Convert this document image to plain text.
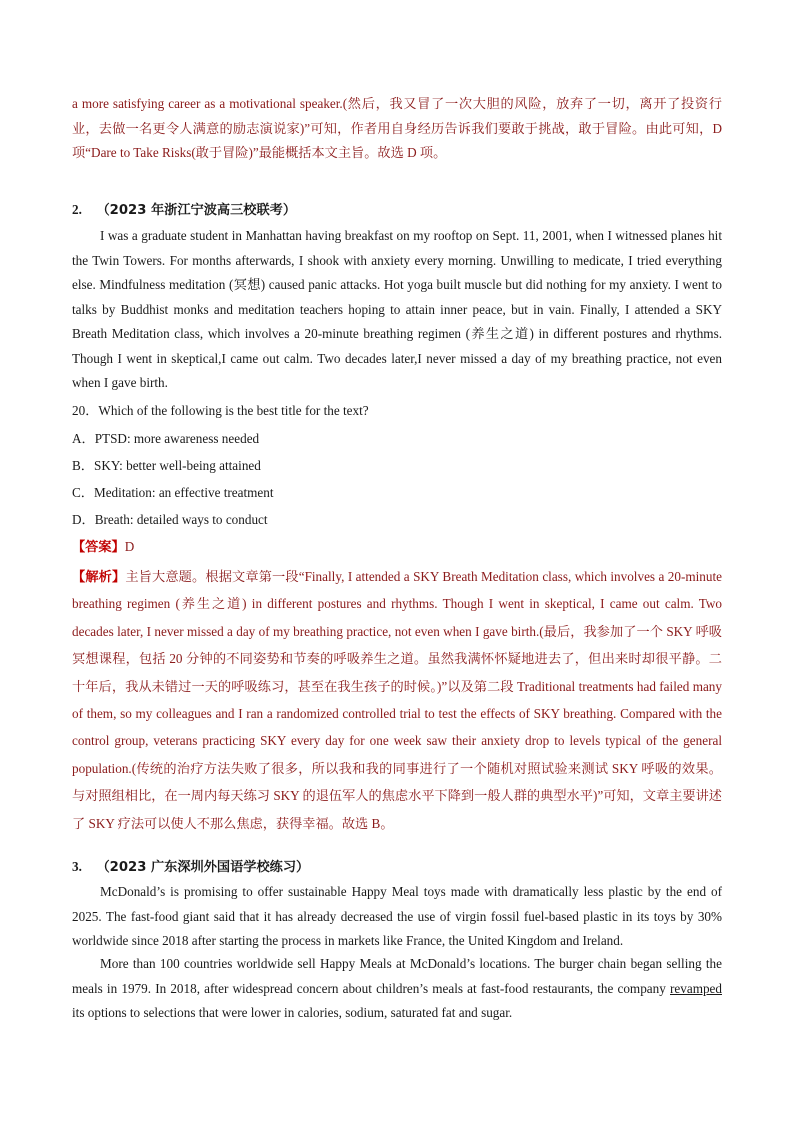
a more satisfying career as a motivational speaker.(然后，我又冒了一次大胆的风险，放弃了一切，离开了投资行业，去做一名更令人满意的励志演说家)”可知，作者用自身经历告诉我们要敢于挑战，敢于冒险。由此可知，D 项“Dare to Take Risks(敢于冒险)”最能概括本文主旨。故选 D 项。

2. （2023 年浙江宁波高三校联考）

I was a graduate student in Manhattan having breakfast on my rooftop on Sept. 11, 2001, when I witnessed planes hit the Twin Towers. For months afterwards, I shook with anxiety every morning. Unwilling to medicate, I tried everything else. Mindfulness meditation (冥想) caused panic attacks. Hot yoga built muscle but did nothing for my anxiety. I went to talks by Buddhist monks and meditation teachers hoping to attain inner peace, but in vain. Finally, I attended a SKY Breath Meditation class, which involves a 20-minute breathing regimen (养生之道) in different postures and rhythms. Though I went in skeptical,I came out calm. Two decades later,I never missed a day of my breathing practice, not even when I gave birth.

20．Which of the following is the best title for the text?
A．PTSD: more awareness needed
B．SKY: better well-being attained
C．Meditation: an effective treatment
D．Breath: detailed ways to conduct
【答案】D

【解析】主旨大意题。根据文章第一段“Finally, I attended a SKY Breath Meditation class, which involves a 20-minute breathing regimen (养生之道) in different postures and rhythms. Though I went in skeptical, I came out calm. Two decades later, I never missed a day of my breathing practice, not even when I gave birth.(最后，我参加了一个 SKY 呼吸冥想课程，包括 20 分钟的不同姿势和节奏的呼吸养生之道。虽然我满怀怀疑地进去了，但出来时却很平静。二十年后，我从未错过一天的呼吸练习，甚至在我生孩子的时候。)”以及第二段 Traditional treatments had failed many of them, so my colleagues and I ran a randomized controlled trial to test the effects of SKY breathing. Compared with the control group, veterans practicing SKY every day for one week saw their anxiety drop to levels typical of the general population.(传统的治疗方法失败了很多，所以我和我的同事进行了一个随机对照试验来测试 SKY 呼吸的效果。与对照组相比，在一周内每天练习 SKY 的退伍军人的焦虑水平下降到一般人群的典型水平)”可知，文章主要讲述了 SKY 疗法可以使人不那么焦虑，获得幸福。故选 B。

3. （2023 广东深圳外国语学校练习）

McDonald’s is promising to offer sustainable Happy Meal toys made with dramatically less plastic by the end of 2025. The fast-food giant said that it has already decreased the use of virgin fossil fuel-based plastic in its toys by 30% worldwide since 2018 after starting the process in markets like France, the United Kingdom and Ireland.

More than 100 countries worldwide sell Happy Meals at McDonald’s locations. The burger chain began selling the meals in 1979. In 2018, after widespread concern about children’s meals at fast-food restaurants, the company revamped its options to selections that were lower in calories, sodium, saturated fat and sugar.
